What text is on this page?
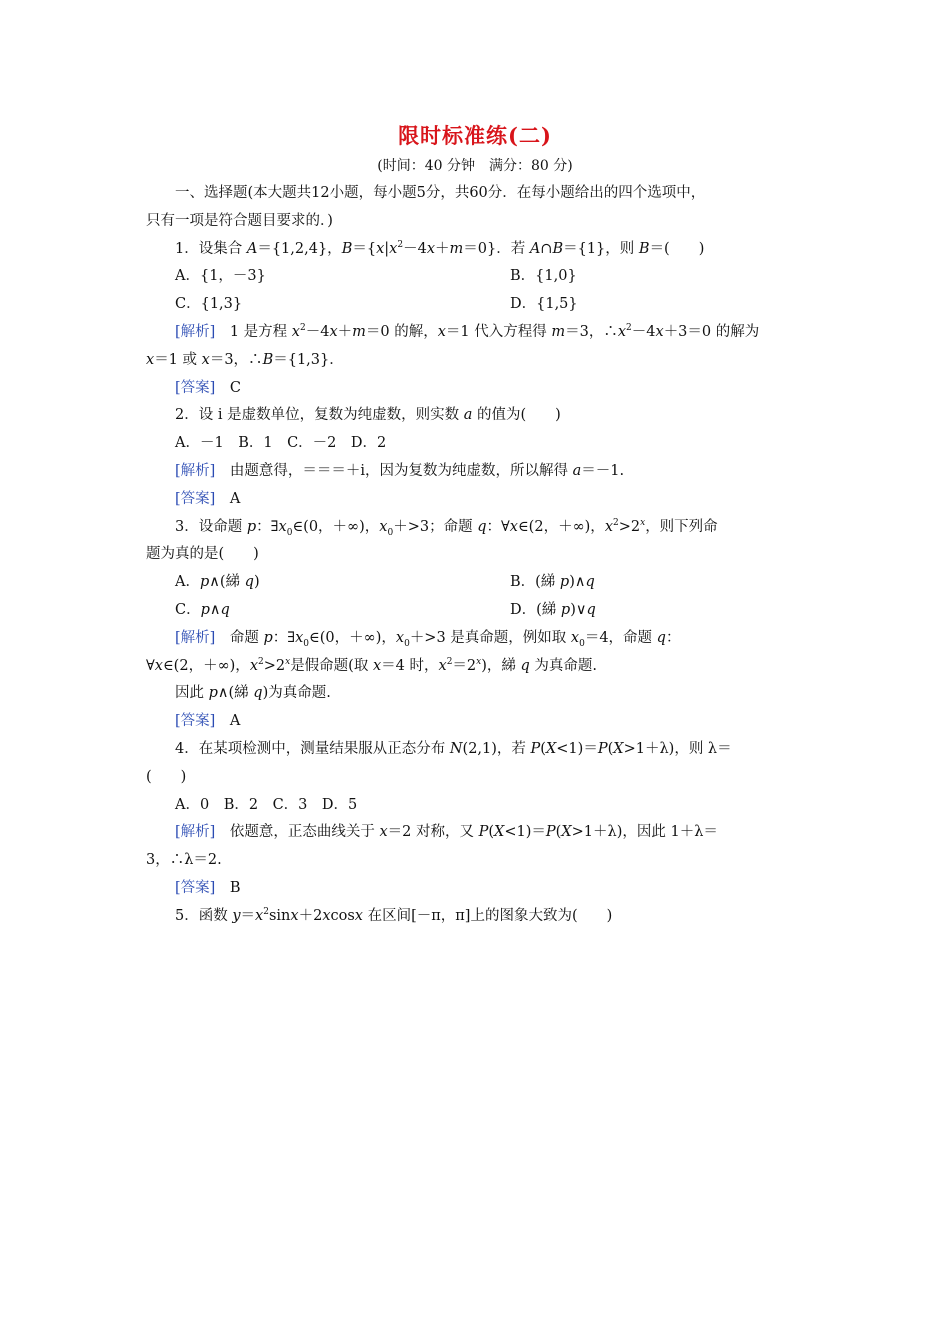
限时标准练(二)
(时间：40 分钟　满分：80 分)
一、选择题(本大题共12小题，每小题5分，共60分．在每小题给出的四个选项中，
只有一项是符合题目要求的．)
1．设集合 A＝{1,2,4}，$B=\{x|x^2-4x+m=0\}$．若 A∩B＝{1}，则 B＝(　　)
A．{1，－3}	B．{1,0}
C．{1,3}	D．{1,5}
[解析]　1 是方程 $x^2-4x+m=0$ 的解，x＝1 代入方程得 m＝3，$\therefore x^2-4x+3=0$ 的解为
x＝1 或 x＝3，∴B＝{1,3}．
[答案]　C
2．设 i 是虚数单位，复数为纯虚数，则实数 a 的值为(　　)
A．－1　B．1　C．－2　D．2
[解析]　由题意得，＝＝＝＋i，因为复数为纯虚数，所以解得 a＝－1.
[答案]　A
3．设命题 p：$\exists x_0\in(0$，＋∞)，$x_0+>3$；命题 q：∀x∈(2，＋∞)，$x^2>2^x$，则下列命
题为真的是(　　)
A．p∧(綈 q)	B．(綈 p)∧q
C．p∧q	D．(綈 p)∨q
[解析]　命题 p：$\exists x_0\in(0$，＋∞)，$x_0+>3$ 是真命题，例如取 $x_0=4$，命题 q：
∀x∈(2，＋∞)，$x^2>2^x$是假命题(取 x＝4 时，$x^2=2^x$)，綈 q 为真命题.
因此 p∧(綈 q)为真命题.
[答案]　A
4．在某项检测中，测量结果服从正态分布 N(2,1)，若 P(X<1)＝P(X>1＋λ)，则 λ＝
(　　)
A．0　B．2　C．3　D．5
[解析]　依题意，正态曲线关于 x＝2 对称，又 P(X<1)＝P(X>1＋λ)，因此 1＋λ＝
3，∴λ＝2.
[答案]　B
5．函数 $y=x^2\sin x+2xcosx$ 在区间[－π，π]上的图象大致为(　　)
